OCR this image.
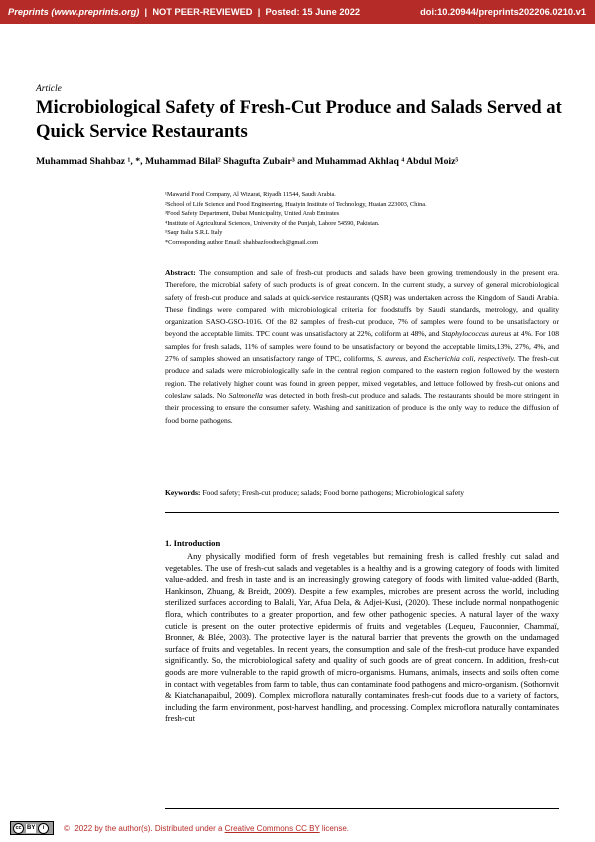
Preprints (www.preprints.org)  |  NOT PEER-REVIEWED  |  Posted: 15 June 2022	doi:10.20944/preprints202206.0210.v1
Article
Microbiological Safety of Fresh-Cut Produce and Salads Served at Quick Service Restaurants
Muhammad Shahbaz ¹, *, Muhammad Bilal² Shagufta Zubair³ and Muhammad Akhlaq ⁴ Abdul Moiz⁵
¹Mawarid Food Company, Al Wizarat, Riyadh 11544, Saudi Arabia.
²School of Life Science and Food Engineering, Huaiyin Institute of Technology, Huaian 223003, China.
³Food Safety Department, Dubai Municipality, United Arab Emirates
⁴Institute of Agricultural Sciences, University of the Punjab, Lahore 54590, Pakistan.
⁵Saqr Italia S.R.L Italy
*Corresponding author Email: shahbazfoodtech@gmail.com

Abstract: The consumption and sale of fresh-cut products and salads have been growing tremendously in the present era. Therefore, the microbial safety of such products is of great concern. In the current study, a survey of general microbiological safety of fresh-cut produce and salads at quick-service restaurants (QSR) was undertaken across the Kingdom of Saudi Arabia. These findings were compared with microbiological criteria for foodstuffs by Saudi standards, metrology, and quality organization SASO-GSO-1016. Of the 82 samples of fresh-cut produce, 7% of samples were found to be unsatisfactory or beyond the acceptable limits. TPC count was unsatisfactory at 22%, coliform at 48%, and Staphylococcus aureus at 4%. For 108 samples for fresh salads, 11% of samples were found to be unsatisfactory or beyond the acceptable limits,13%, 27%, 4%, and 27% of samples showed an unsatisfactory range of TPC, coliforms, S. aureus, and Escherichia coli, respectively. The fresh-cut produce and salads were microbiologically safe in the central region compared to the eastern region followed by the western region. The relatively higher count was found in green pepper, mixed vegetables, and lettuce followed by fresh-cut onions and coleslaw salads. No Salmonella was detected in both fresh-cut produce and salads. The restaurants should be more stringent in their processing to ensure the consumer safety. Washing and sanitization of produce is the only way to reduce the diffusion of food borne pathogens.

Keywords: Food safety; Fresh-cut produce; salads; Food borne pathogens; Microbiological safety

1. Introduction

Any physically modified form of fresh vegetables but remaining fresh is called freshly cut salad and vegetables. The use of fresh-cut salads and vegetables is a healthy and is a growing category of foods with limited value-added. and fresh in taste and is an increasingly growing category of foods with limited value-added (Barth, Hankinson, Zhuang, & Breidt, 2009). Despite a few examples, microbes are present across the world, including sterilized surfaces according to Balali, Yar, Afua Dela, & Adjei-Kusi, (2020). These include normal nonpathogenic flora, which contributes to a greater proportion, and few other pathogenic species. A natural layer of the waxy cuticle is present on the outer protective epidermis of fruits and vegetables (Lequeu, Fauconnier, Chammaï, Bronner, & Blée, 2003). The protective layer is the natural barrier that prevents the growth on the undamaged surface of fruits and vegetables. In recent years, the consumption and sale of the fresh-cut produce have expanded significantly. So, the microbiological safety and quality of such goods are of great concern. In addition, fresh-cut goods are more vulnerable to the rapid growth of micro-organisms. Humans, animals, insects and soils often come in contact with vegetables from farm to table, thus can contaminate food pathogens and micro-organism. (Sothornvit & Kiatchanapaibul, 2009). Complex microflora naturally contaminates fresh-cut foods due to a variety of factors, including the farm environment, post-harvest handling, and processing. Complex microflora naturally contaminates fresh-cut

cc BY	i	©  2022 by the author(s). Distributed under a Creative Commons CC BY license.
